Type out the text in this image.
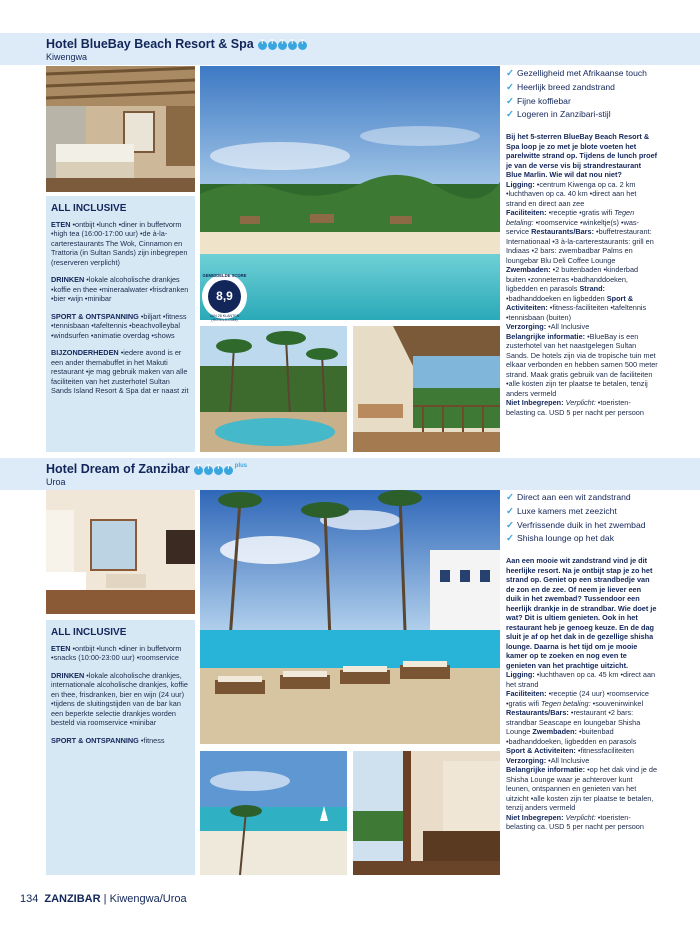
Hotel BlueBay Beach Resort & SpaTTTTT
Kiwengwa
GEMIDDELDE SCORE
8,9
VAN 28 KLANTEN (HOTELS.COM)
ALL INCLUSIVE

ETEN •ontbijt •lunch •diner in buffetvorm •high tea (16:00-17:00 uur) •de à-la-carterestaurants The Wok, Cinnamon en Trattoria (in Sultan Sands) zijn inbegrepen (reserveren verplicht)

DRINKEN •lokale alcoholische drankjes •koffie en thee •mineraalwater •frisdranken •bier •wijn •minibar

SPORT & ONTSPANNING •biljart •fitness •tennisbaan •tafeltennis •beachvolleybal •windsurfen •animatie overdag •shows

BIJZONDERHEDEN •iedere avond is er een ander themabuffet in het Makuti restaurant •je mag gebruik maken van alle faciliteiten van het zusterhotel Sultan Sands Island Resort & Spa dat er naast zit

✓ Gezelligheid met Afrikaanse touch
✓ Heerlijk breed zandstrand
✓ Fijne koffiebar
✓ Logeren in Zanzibari-stijl
Bij het 5-sterren BlueBay Beach Resort & Spa loop je zo met je blote voeten het parelwitte strand op. Tijdens de lunch proef je van de verse vis bij strandrestaurant Blue Marlin. Wie wil dat nou niet?
Ligging: •centrum Kiwenga op ca. 2 km •luchthaven op ca. 40 km •direct aan het strand en direct aan zee
Faciliteiten: •receptie •gratis wifi Tegen betaling: •roomservice •winkeltje(s) •was-service Restaurants/Bars: •buffetrestaurant: Internationaal •3 à-la-carterestaurants: grill en Indiaas •2 bars: zwembadbar Palms en loungebar Blu Deli Coffee Lounge Zwembaden: •2 buitenbaden •kinderbad buiten •zonneterras •badhanddoeken, ligbedden en parasols Strand: •badhanddoeken en ligbedden Sport & Activiteiten: •fitness-faciliteiten •tafeltennis •tennisbaan (buiten)
Verzorging: •All Inclusive
Belangrijke informatie: •BlueBay is een zusterhotel van het naastgelegen Sultan Sands. De hotels zijn via de tropische tuin met elkaar verbonden en hebben samen 500 meter strand. Maak gratis gebruik van de faciliteiten •alle kosten zijn ter plaatse te betalen, tenzij anders vermeld
Niet Inbegrepen: Verplicht: •toeristen-belasting ca. USD 5 per nacht per persoon
Hotel Dream of ZanzibarTTTT	$^{plus}$
Uroa
ALL INCLUSIVE

ETEN •ontbijt •lunch •diner in buffetvorm •snacks (10:00-23:00 uur) •roomservice

DRINKEN •lokale alcoholische drankjes, internationale alcoholische drankjes, koffie en thee, frisdranken, bier en wijn (24 uur) •tijdens de sluitingstijden van de bar kan een beperkte selectie drankjes worden besteld via roomservice •minibar

SPORT & ONTSPANNING •fitness

✓ Direct aan een wit zandstrand
✓ Luxe kamers met zeezicht
✓ Verfrissende duik in het zwembad
✓ Shisha lounge op het dak
Aan een mooie wit zandstrand vind je dit heerlijke resort. Na je ontbijt stap je zo het strand op. Geniet op een strandbedje van de zon en de zee. Of neem je liever een duik in het zwembad? Tussendoor een heerlijk drankje in de strandbar. Wie doet je wat? Dit is ultiem genieten. Ook in het restaurant heb je genoeg keuze. En de dag sluit je af op het dak in de gezellige shisha lounge. Daarna is het tijd om je mooie kamer op te zoeken en nog even te genieten van het prachtige uitzicht.
Ligging: •luchthaven op ca. 45 km •direct aan het strand
Faciliteiten: •receptie (24 uur) •roomservice •gratis wifi Tegen betaling: •souvenirwinkel
Restaurants/Bars: •restaurant •2 bars: strandbar Seascape en loungebar Shisha Lounge Zwembaden: •buitenbad •badhanddoeken, ligbedden en parasols
Sport & Activiteiten: •fitnessfaciliteiten
Verzorging: •All Inclusive
Belangrijke informatie: •op het dak vind je de Shisha Lounge waar je achterover kunt leunen, ontspannen en genieten van het uitzicht •alle kosten zijn ter plaatse te betalen, tenzij anders vermeld
Niet Inbegrepen: Verplicht: •toeristen-belasting ca. USD 5 per nacht per persoon
134 ZANZIBAR | Kiwengwa/Uroa
